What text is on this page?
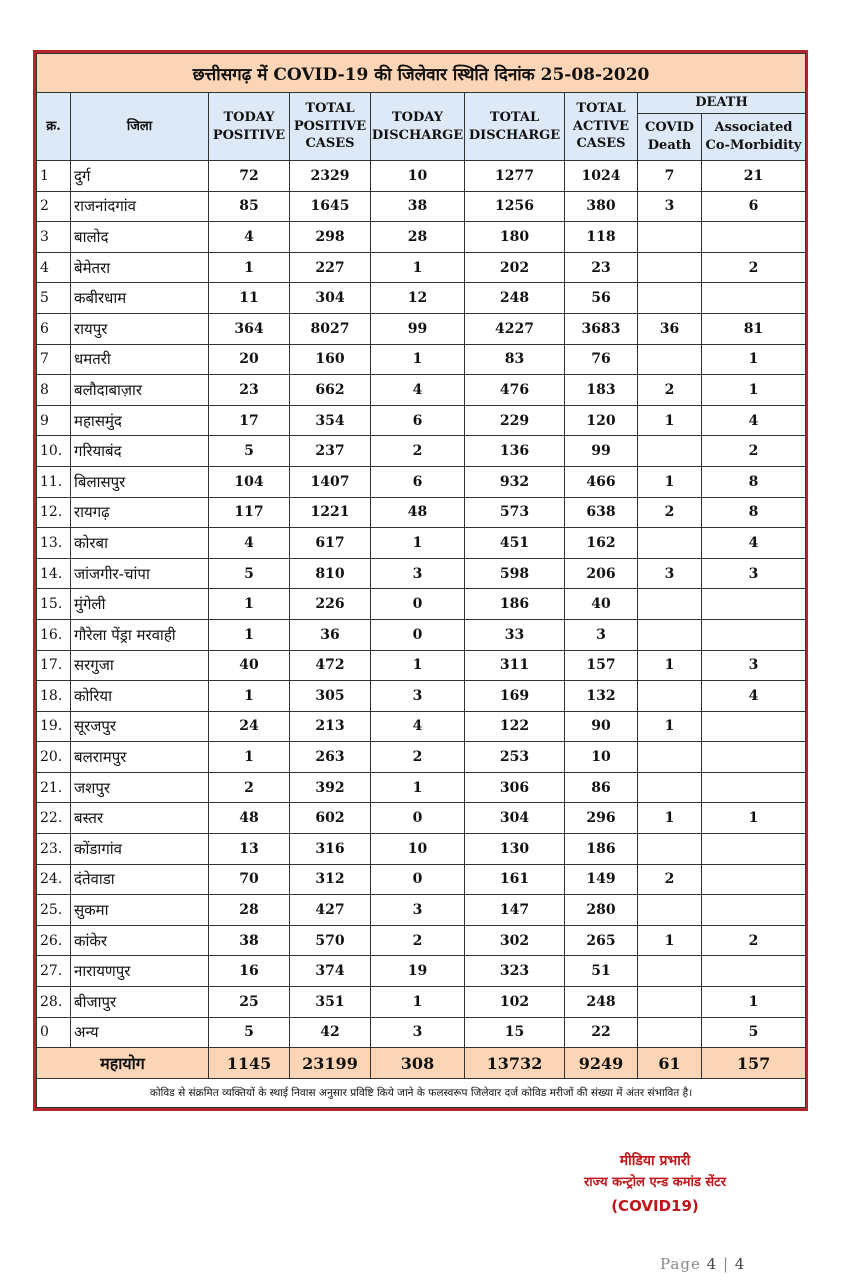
छत्तीसगढ़ में COVID-19 की जिलेवार स्थिति दिनांक 25-08-2020								
क्र.	जिला	TODAY POSITIVE	TOTAL POSITIVE CASES	TODAY DISCHARGE	TOTAL DISCHARGE	TOTAL ACTIVE CASES	DEATH	
							COVID Death	Associated Co-Morbidity
1	दुर्ग	72	2329	10	1277	1024	7	21
2	राजनांदगांव	85	1645	38	1256	380	3	6
3	बालोद	4	298	28	180	118		
4	बेमेतरा	1	227	1	202	23		2
5	कबीरधाम	11	304	12	248	56		
6	रायपुर	364	8027	99	4227	3683	36	81
7	धमतरी	20	160	1	83	76		1
8	बलौदाबाज़ार	23	662	4	476	183	2	1
9	महासमुंद	17	354	6	229	120	1	4
10.	गरियाबंद	5	237	2	136	99		2
11.	बिलासपुर	104	1407	6	932	466	1	8
12.	रायगढ़	117	1221	48	573	638	2	8
13.	कोरबा	4	617	1	451	162		4
14.	जांजगीर-चांपा	5	810	3	598	206	3	3
15.	मुंगेली	1	226	0	186	40		
16.	गौरेला पेंड्रा मरवाही	1	36	0	33	3		
17.	सरगुजा	40	472	1	311	157	1	3
18.	कोरिया	1	305	3	169	132		4
19.	सूरजपुर	24	213	4	122	90	1	
20.	बलरामपुर	1	263	2	253	10		
21.	जशपुर	2	392	1	306	86		
22.	बस्तर	48	602	0	304	296	1	1
23.	कोंडागांव	13	316	10	130	186		
24.	दंतेवाडा	70	312	0	161	149	2	
25.	सुकमा	28	427	3	147	280		
26.	कांकेर	38	570	2	302	265	1	2
27.	नारायणपुर	16	374	19	323	51		
28.	बीजापुर	25	351	1	102	248		1
0	अन्य	5	42	3	15	22		5
महायोग		1145	23199	308	13732	9249	61	157
कोविड से संक्रमित व्यक्तियों के स्थाई निवास अनुसार प्रविष्टि किये जाने के फलस्वरूप जिलेवार दर्ज कोविड मरीजों की संख्या में अंतर संभावित है।								
मीडिया प्रभारी
राज्य कन्ट्रोल एन्ड कमांड सेंटर
(COVID19)
Page 4 | 4
